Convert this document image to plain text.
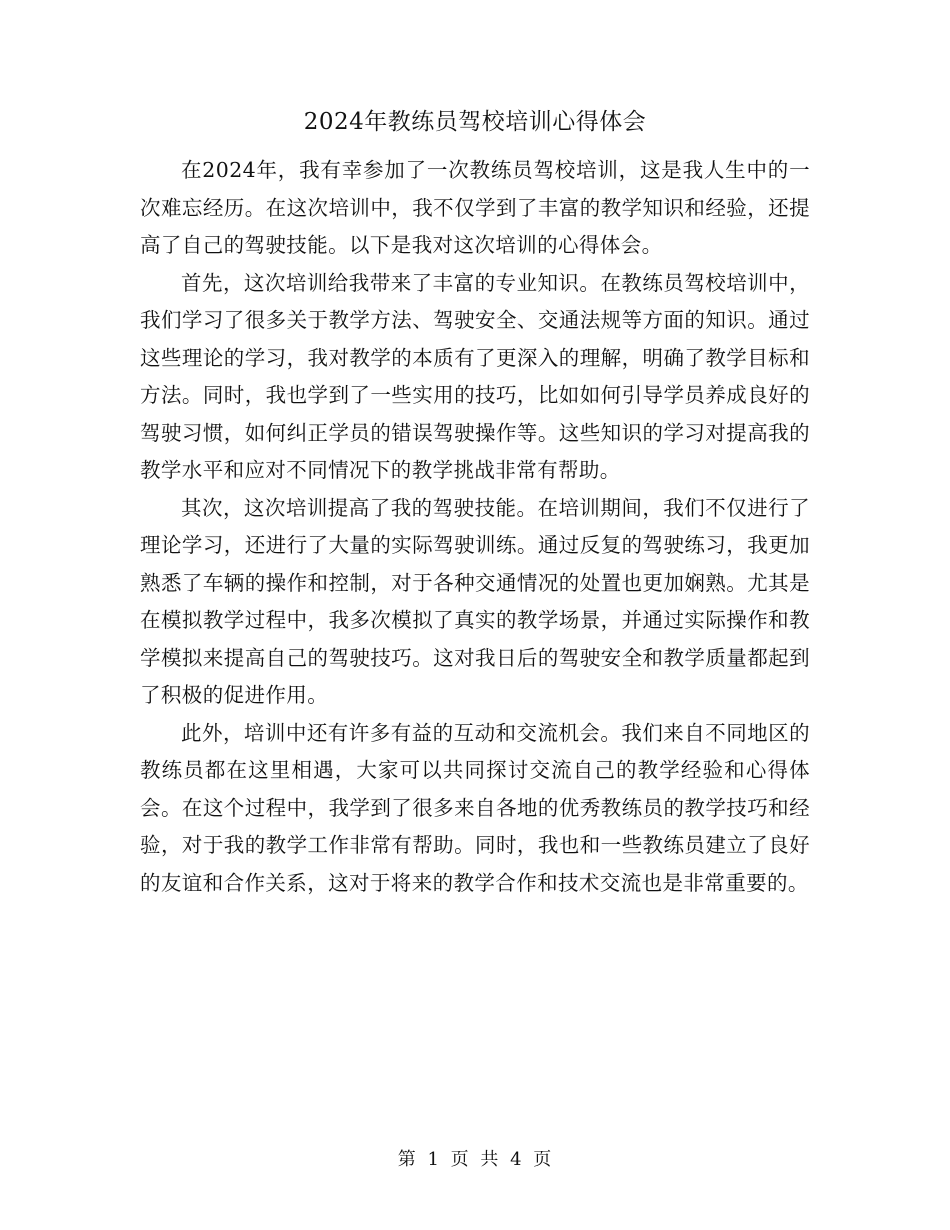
2024年教练员驾校培训心得体会

在2024年，我有幸参加了一次教练员驾校培训，这是我人生中的一次难忘经历。在这次培训中，我不仅学到了丰富的教学知识和经验，还提高了自己的驾驶技能。以下是我对这次培训的心得体会。

首先，这次培训给我带来了丰富的专业知识。在教练员驾校培训中，我们学习了很多关于教学方法、驾驶安全、交通法规等方面的知识。通过这些理论的学习，我对教学的本质有了更深入的理解，明确了教学目标和方法。同时，我也学到了一些实用的技巧，比如如何引导学员养成良好的驾驶习惯，如何纠正学员的错误驾驶操作等。这些知识的学习对提高我的教学水平和应对不同情况下的教学挑战非常有帮助。

其次，这次培训提高了我的驾驶技能。在培训期间，我们不仅进行了理论学习，还进行了大量的实际驾驶训练。通过反复的驾驶练习，我更加熟悉了车辆的操作和控制，对于各种交通情况的处置也更加娴熟。尤其是在模拟教学过程中，我多次模拟了真实的教学场景，并通过实际操作和教学模拟来提高自己的驾驶技巧。这对我日后的驾驶安全和教学质量都起到了积极的促进作用。

此外，培训中还有许多有益的互动和交流机会。我们来自不同地区的教练员都在这里相遇，大家可以共同探讨交流自己的教学经验和心得体会。在这个过程中，我学到了很多来自各地的优秀教练员的教学技巧和经验，对于我的教学工作非常有帮助。同时，我也和一些教练员建立了良好的友谊和合作关系，这对于将来的教学合作和技术交流也是非常重要的。

第 1 页 共 4 页
